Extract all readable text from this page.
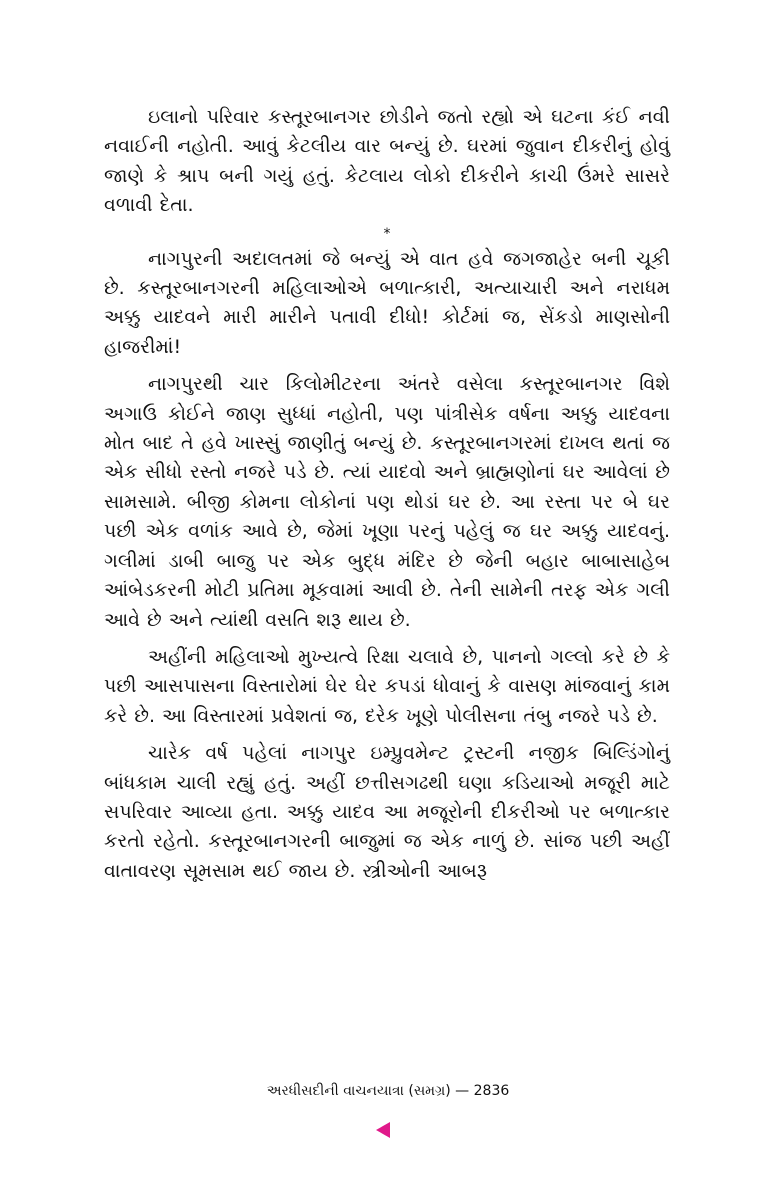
ઇલાનો પરિવાર કસ્તૂરબાનગર છોડીને જતો રહ્યો એ ઘટના કંઈ નવી નવાઈની નહોતી. આવું કેટલીય વાર બન્યું છે. ઘરમાં જુવાન દીકરીનું હોવું જાણે કે શ્રાપ બની ગયું હતું. કેટલાય લોકો દીકરીને કાચી ઉંમરે સાસરે વળાવી દેતા.

*

નાગપુરની અદાલતમાં જે બન્યું એ વાત હવે જગજાહેર બની ચૂકી છે. કસ્તૂરબાનગરની મહિલાઓએ બળાત્કારી, અત્યાચારી અને નરાધમ અક્કુ યાદવને મારી મારીને પતાવી દીધો! કોર્ટમાં જ, સેંકડો માણસોની હાજરીમાં!

નાગપુરથી ચાર કિલોમીટરના અંતરે વસેલા કસ્તૂરબાનગર વિશે અગાઉ કોઈને જાણ સુધ્ધાં નહોતી, પણ પાંત્રીસેક વર્ષના અક્કુ યાદવના મોત બાદ તે હવે ખાસ્સું જાણીતું બન્યું છે. કસ્તૂરબાનગરમાં દાખલ થતાં જ એક સીધો રસ્તો નજરે પડે છે. ત્યાં યાદવો અને બ્રાહ્મણોનાં ઘર આવેલાં છે સામસામે. બીજી કોમના લોકોનાં પણ થોડાં ઘર છે. આ રસ્તા પર બે ઘર પછી એક વળાંક આવે છે, જેમાં ખૂણા પરનું પહેલું જ ઘર અક્કુ યાદવનું. ગલીમાં ડાબી બાજુ પર એક બુદ્ધ મંદિર છે જેની બહાર બાબાસાહેબ આંબેડકરની મોટી પ્રતિમા મૂકવામાં આવી છે. તેની સામેની તરફ એક ગલી આવે છે અને ત્યાંથી વસતિ શરૂ થાય છે.

અહીંની મહિલાઓ મુખ્યત્વે રિક્ષા ચલાવે છે, પાનનો ગલ્લો કરે છે કે પછી આસપાસના વિસ્તારોમાં ઘેર ઘેર કપડાં ધોવાનું કે વાસણ માંજવાનું કામ કરે છે. આ વિસ્તારમાં પ્રવેશતાં જ, દરેક ખૂણે પોલીસના તંબુ નજરે પડે છે.

ચારેક વર્ષ પહેલાં નાગપુર ઇમ્પ્રુવમેન્ટ ટ્રસ્ટની નજીક બિલ્ડિંગોનું બાંધકામ ચાલી રહ્યું હતું. અહીં છત્તીસગઢથી ઘણા કડિયાઓ મજૂરી માટે સપરિવાર આવ્યા હતા. અક્કુ યાદવ આ મજૂરોની દીકરીઓ પર બળાત્કાર કરતો રહેતો. કસ્તૂરબાનગરની બાજુમાં જ એક નાળું છે. સાંજ પછી અહીં વાતાવરણ સૂમસામ થઈ જાય છે. સ્ત્રીઓની આબરૂ

અરધીસદીની વાચનયાત્રા (સમગ્ર) — 2836
